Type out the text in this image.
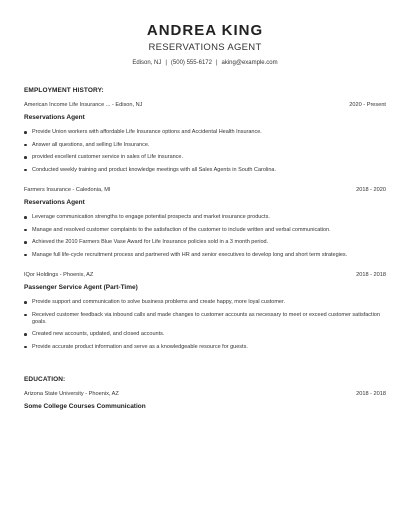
ANDREA KING
RESERVATIONS AGENT
Edison, NJ | (500) 555-6172 | aking@example.com
EMPLOYMENT HISTORY:
American Income Life Insurance ... - Edison, NJ	2020 - Present
Reservations Agent
Provide Union workers with affordable Life Insurance options and Accidental Health Insurance.
Answer all questions, and selling Life Insurance.
provided excellent customer service in sales of Life insurance.
Conducted weekly training and product knowledge meetings with all Sales Agents in South Carolina.
Farmers Insurance - Caledonia, MI	2018 - 2020
Reservations Agent
Leverage communication strengths to engage potential prospects and market insurance products.
Manage and resolved customer complaints to the satisfaction of the customer to include written and verbal communication.
Achieved the 2010 Farmers Blue Vase Award for Life Insurance policies sold in a 3 month period.
Manage full life-cycle recruitment process and partnered with HR and senior executives to develop long and short term strategies.
IQor Holdings - Phoenix, AZ	2018 - 2018
Passenger Service Agent (Part-Time)
Provide support and communication to solve business problems and create happy, more loyal customer.
Received customer feedback via inbound calls and made changes to customer accounts as necessary to meet or exceed customer satisfaction goals.
Created new accounts, updated, and closed accounts.
Provide accurate product information and serve as a knowledgeable resource for guests.
EDUCATION:
Arizona State University - Phoenix, AZ	2018 - 2018
Some College Courses Communication
